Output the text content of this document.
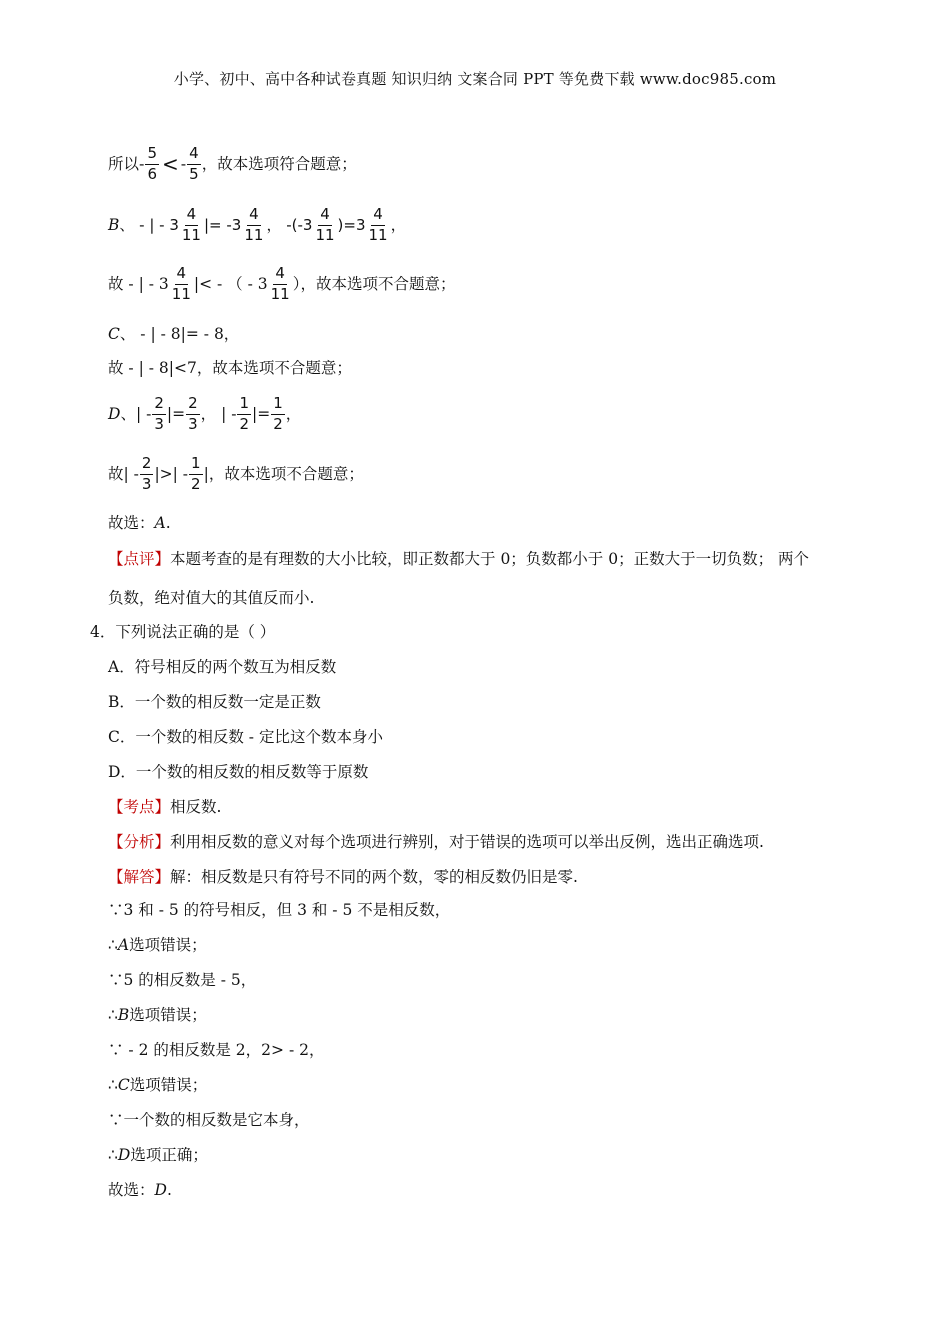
小学、初中、高中各种试卷真题 知识归纳 文案合同 PPT 等免费下载 www.doc985.com
所以 - $\frac{5}{6}$ < - $\frac{4}{5}$ ，故本选项符合题意；
B 、 - | - $3 \frac{4}{11}$ |= $-3 \frac{4}{11}$ ， $-(-3 \frac{4}{11} )=3 \frac{4}{11}$ ，
故 - | - $3 \frac{4}{11}$ |< - （ - $3 \frac{4}{11}$ ），故本选项不合题意；
C 、 - | - 8|= - 8，
故 - | - 8|<7，故本选项不合题意；
D 、| - $\frac{2}{3}$ |= $\frac{2}{3}$ ， | - $\frac{1}{2}$ |= $\frac{1}{2}$ ，
故| - $\frac{2}{3}$ |>| - $\frac{1}{2}$ |，故本选项不合题意；
故选： A .
【点评】 本题考查的是有理数的大小比较，即正数都大于 0；负数都小于 0；正数大于一切负数； 两个
负数，绝对值大的其值反而小.
4．下列说法正确的是（ ）
A．符号相反的两个数互为相反数
B．一个数的相反数一定是正数
C．一个数的相反数 - 定比这个数本身小
D．一个数的相反数的相反数等于原数
【考点】 相反数.
【分析】 利用相反数的意义对每个选项进行辨别，对于错误的选项可以举出反例，选出正确选项.
【解答】 解：相反数是只有符号不同的两个数，零的相反数仍旧是零.
∵3 和 - 5 的符号相反，但 3 和 - 5 不是相反数，
∴ A 选项错误；
∵5 的相反数是 - 5，
∴ B 选项错误；
∵ - 2 的相反数是 2，2> - 2，
∴ C 选项错误；
∵一个数的相反数是它本身，
∴ D 选项正确；
故选： D .
